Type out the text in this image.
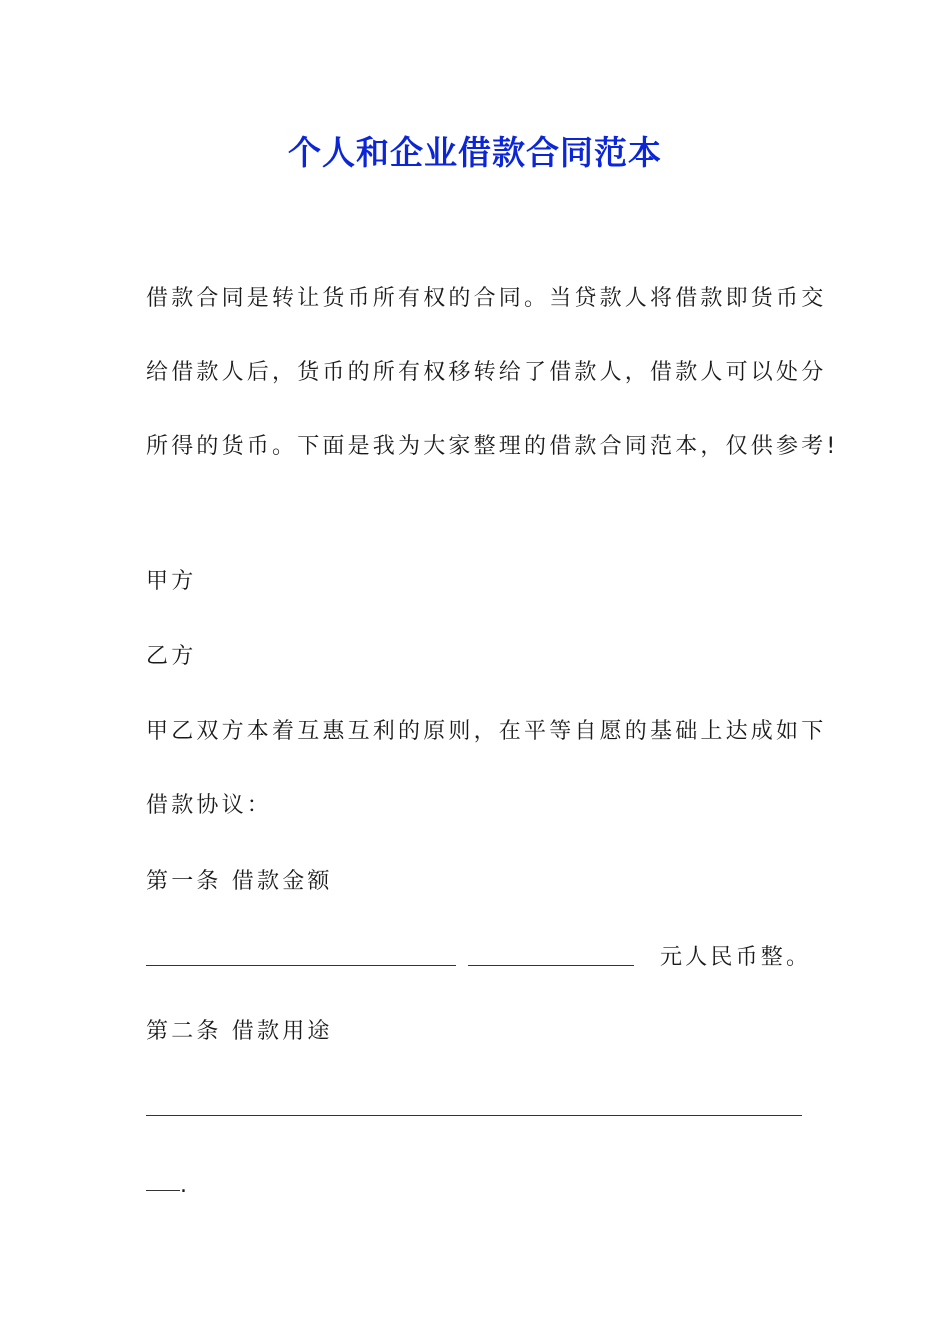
个人和企业借款合同范本

借款合同是转让货币所有权的合同。当贷款人将借款即货币交

给借款人后，货币的所有权移转给了借款人，借款人可以处分

所得的货币。下面是我为大家整理的借款合同范本，仅供参考!

甲方
乙方
甲乙双方本着互惠互利的原则，在平等自愿的基础上达成如下
借款协议：
第一条 借款金额
元人民币整。
第二条 借款用途
.
